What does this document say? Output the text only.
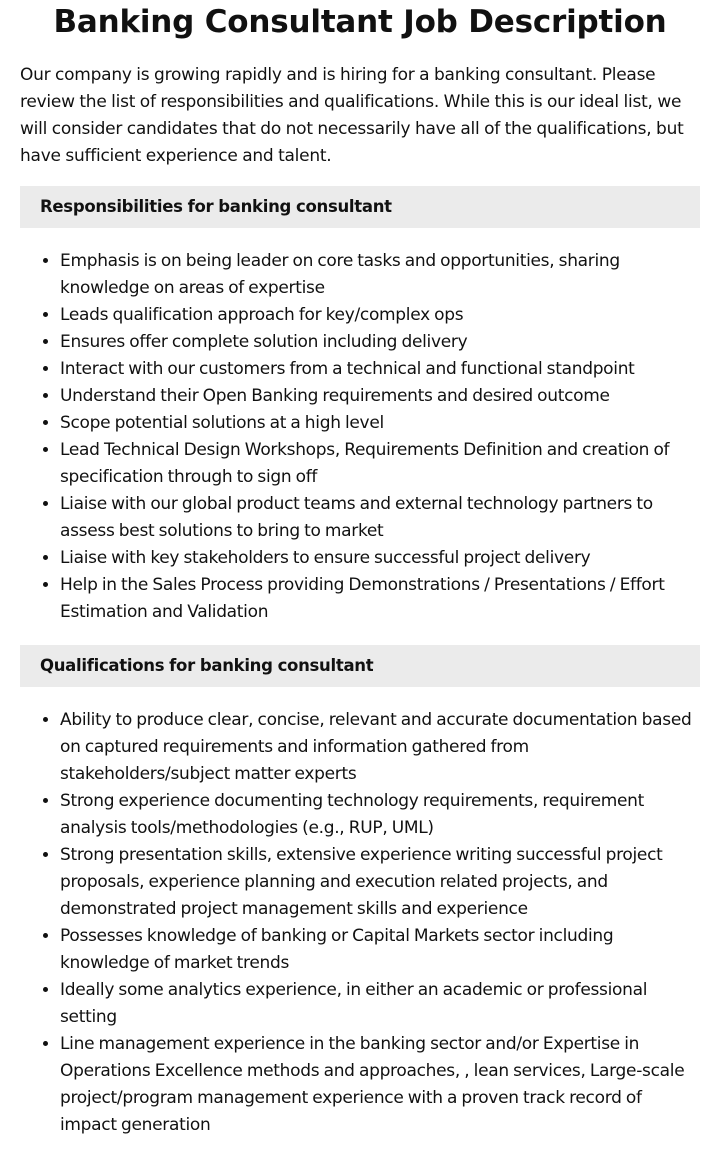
Banking Consultant Job Description

Our company is growing rapidly and is hiring for a banking consultant. Please review the list of responsibilities and qualifications. While this is our ideal list, we will consider candidates that do not necessarily have all of the qualifications, but have sufficient experience and talent.

Responsibilities for banking consultant
• Emphasis is on being leader on core tasks and opportunities, sharing knowledge on areas of expertise
• Leads qualification approach for key/complex ops
• Ensures offer complete solution including delivery
• Interact with our customers from a technical and functional standpoint
• Understand their Open Banking requirements and desired outcome
• Scope potential solutions at a high level
• Lead Technical Design Workshops, Requirements Definition and creation of specification through to sign off
• Liaise with our global product teams and external technology partners to assess best solutions to bring to market
• Liaise with key stakeholders to ensure successful project delivery
• Help in the Sales Process providing Demonstrations / Presentations / Effort Estimation and Validation
Qualifications for banking consultant
• Ability to produce clear, concise, relevant and accurate documentation based on captured requirements and information gathered from stakeholders/subject matter experts
• Strong experience documenting technology requirements, requirement analysis tools/methodologies (e.g., RUP, UML)
• Strong presentation skills, extensive experience writing successful project proposals, experience planning and execution related projects, and demonstrated project management skills and experience
• Possesses knowledge of banking or Capital Markets sector including knowledge of market trends
• Ideally some analytics experience, in either an academic or professional setting
• Line management experience in the banking sector and/or Expertise in Operations Excellence methods and approaches, , lean services, Large-scale project/program management experience with a proven track record of impact generation
